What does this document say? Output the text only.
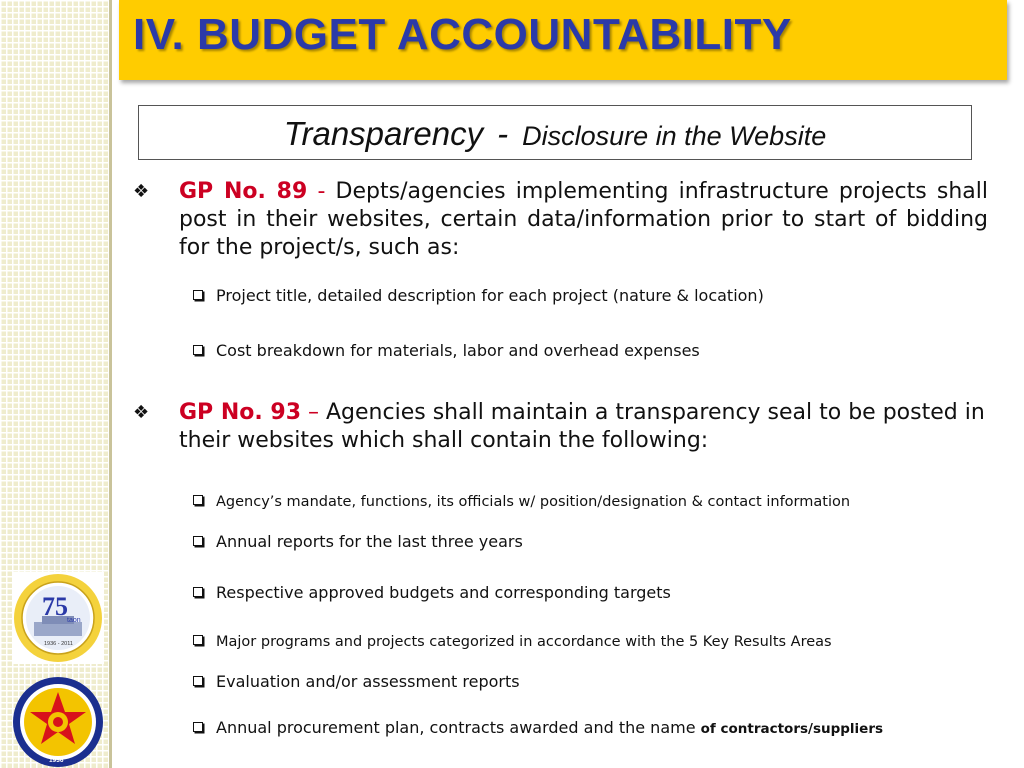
IV. BUDGET ACCOUNTABILITY
Transparency - Disclosure in the Website
❖ GP No. 89 - Depts/agencies implementing infrastructure projects shall post in their websites, certain data/information prior to start of bidding for the project/s, such as:
Project title, detailed description for each project (nature & location)
Cost breakdown for materials, labor and overhead expenses
❖ GP No. 93 – Agencies shall maintain a transparency seal to be posted in their websites which shall contain the following:
Agency’s mandate, functions, its officials w/ position/designation & contact information
Annual reports for the last three years
Respective approved budgets and corresponding targets
Major programs and projects categorized in accordance with the 5 Key Results Areas
Evaluation and/or assessment reports
Annual procurement plan, contracts awarded and the name of contractors/suppliers
75 taon
1936 - 2011
1936
